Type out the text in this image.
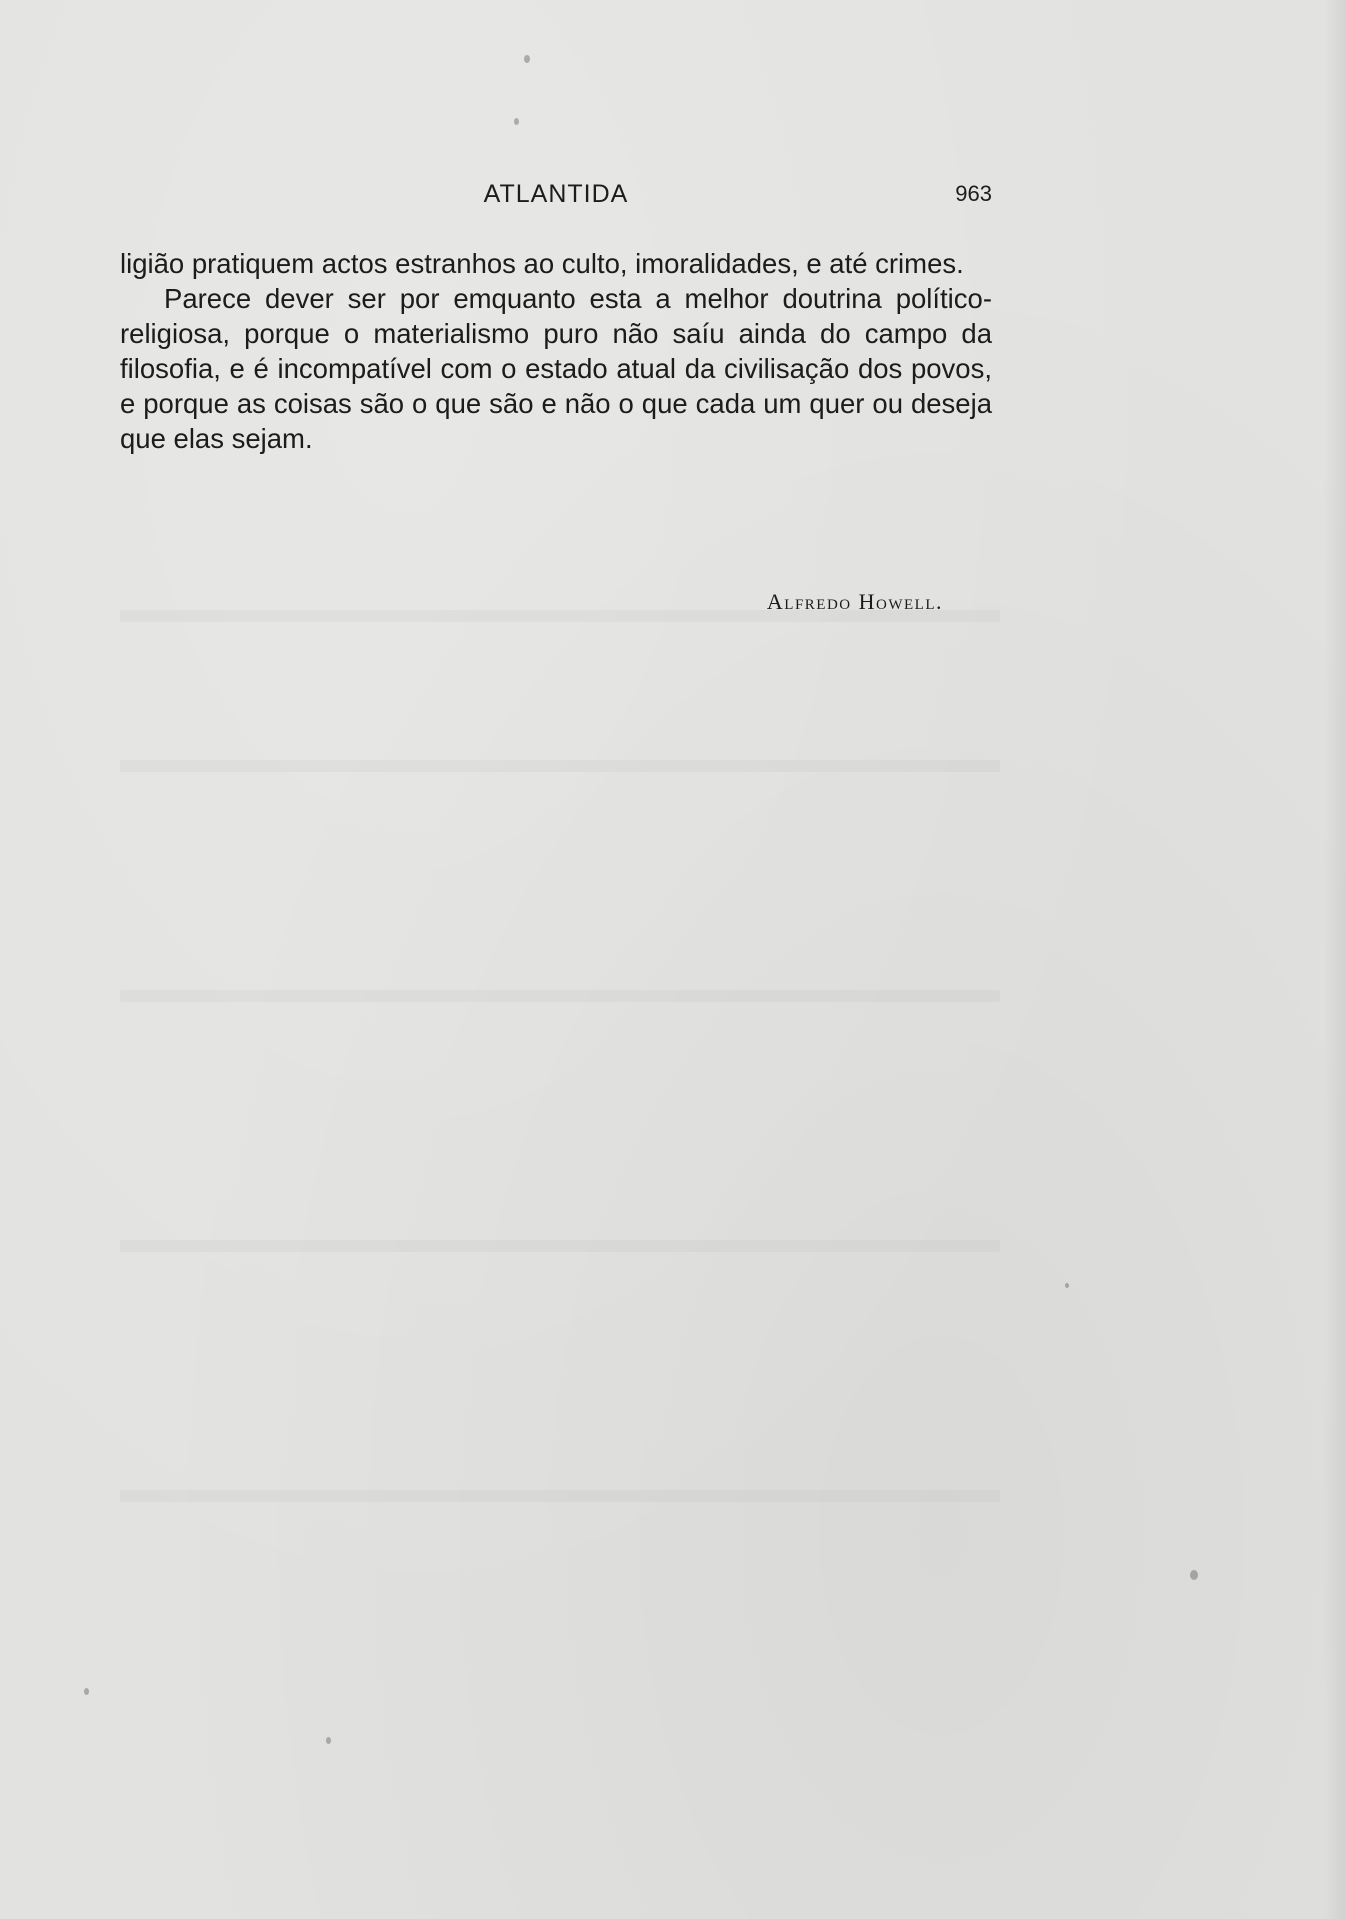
ATLANTIDA	963

ligião pratiquem actos estranhos ao culto, imoralidades, e até crimes.

Parece dever ser por emquanto esta a melhor doutrina político-religiosa, porque o materialismo puro não saíu ainda do campo da filosofia, e é incompatível com o estado atual da civilisação dos povos, e porque as coisas são o que são e não o que cada um quer ou deseja que elas sejam.

Alfredo Howell.
